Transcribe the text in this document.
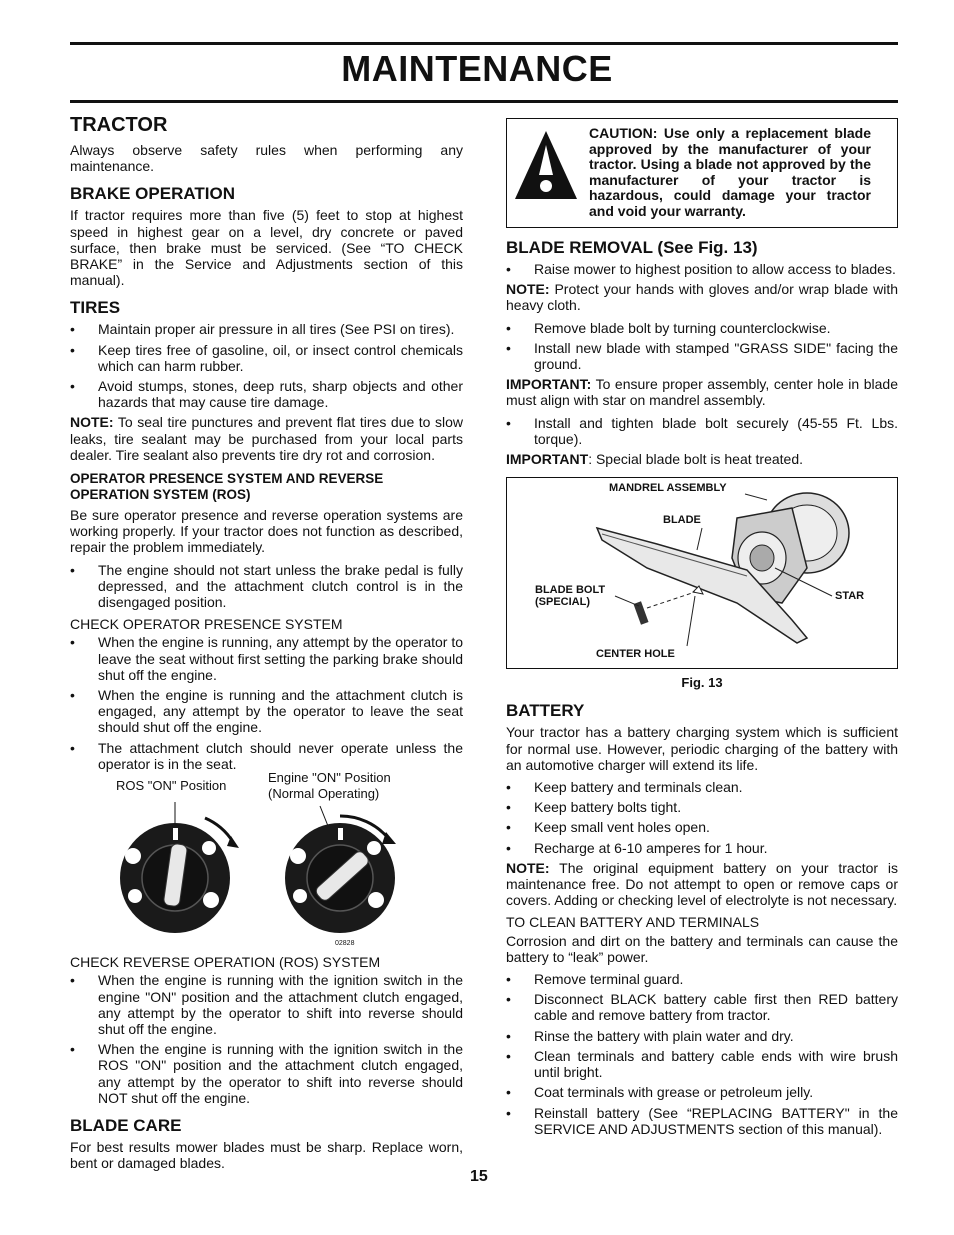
MAINTENANCE
TRACTOR

Always observe safety rules when performing any maintenance.

BRAKE OPERATION

If tractor requires more than five (5) feet to stop at highest speed in highest gear on a level, dry concrete or paved surface, then brake must be serviced. (See “TO CHECK BRAKE” in the Service and Adjustments section of this manual).

TIRES
• Maintain proper air pressure in all tires (See PSI on tires).
• Keep tires free of gasoline, oil, or insect control chemicals which can harm rubber.
• Avoid stumps, stones, deep ruts, sharp objects and other hazards that may cause tire damage.

NOTE: To seal tire punctures and prevent flat tires due to slow leaks, tire sealant may be purchased from your local parts dealer. Tire sealant also prevents tire dry rot and corrosion.

OPERATOR PRESENCE SYSTEM AND REVERSE OPERATION SYSTEM (ROS)

Be sure operator presence and reverse operation systems are working properly. If your tractor does not function as described, repair the problem immediately.

• The engine should not start unless the brake pedal is fully depressed, and the attachment clutch control is in the disengaged position.
CHECK OPERATOR PRESENCE SYSTEM
• When the engine is running, any attempt by the operator to leave the seat without first setting the parking brake should shut off the engine.
• When the engine is running and the attachment clutch is engaged, any attempt by the operator to leave the seat should shut off the engine.
• The attachment clutch should never operate unless the operator is in the seat.
ROS "ON" Position
Engine "ON" Position (Normal Operating)
02828
CHECK REVERSE OPERATION (ROS) SYSTEM
• When the engine is running with the ignition switch in the engine "ON" position and the attachment clutch engaged, any attempt by the operator to shift into reverse should shut off the engine.
• When the engine is running with the ignition switch in the ROS "ON" position and the attachment clutch engaged, any attempt by the operator to shift into reverse should NOT shut off the engine.
BLADE CARE

For best results mower blades must be sharp. Replace worn, bent or damaged blades.

CAUTION: Use only a replacement blade approved by the manufacturer of your tractor. Using a blade not approved by the manufacturer of your tractor is hazardous, could damage your tractor and void your warranty.
BLADE REMOVAL (See Fig. 13)
• Raise mower to highest position to allow access to blades.

NOTE: Protect your hands with gloves and/or wrap blade with heavy cloth.

• Remove blade bolt by turning counterclockwise.
• Install new blade with stamped "GRASS SIDE" facing the ground.

IMPORTANT: To ensure proper assembly, center hole in blade must align with star on mandrel assembly.

• Install and tighten blade bolt securely (45-55 Ft. Lbs. torque).

IMPORTANT: Special blade bolt is heat treated.

MANDREL ASSEMBLY
BLADE
BLADE BOLT (SPECIAL)	STAR
CENTER HOLE
Fig. 13
BATTERY

Your tractor has a battery charging system which is sufficient for normal use. However, periodic charging of the battery with an automotive charger will extend its life.

• Keep battery and terminals clean.
• Keep battery bolts tight.
• Keep small vent holes open.
• Recharge at 6-10 amperes for 1 hour.

NOTE: The original equipment battery on your tractor is maintenance free. Do not attempt to open or remove caps or covers. Adding or checking level of electrolyte is not necessary.

TO CLEAN BATTERY AND TERMINALS

Corrosion and dirt on the battery and terminals can cause the battery to “leak” power.

• Remove terminal guard.
• Disconnect BLACK battery cable first then RED battery cable and remove battery from tractor.
• Rinse the battery with plain water and dry.
• Clean terminals and battery cable ends with wire brush until bright.
• Coat terminals with grease or petroleum jelly.
• Reinstall battery (See “REPLACING BATTERY" in the SERVICE AND ADJUSTMENTS section of this manual).
15
